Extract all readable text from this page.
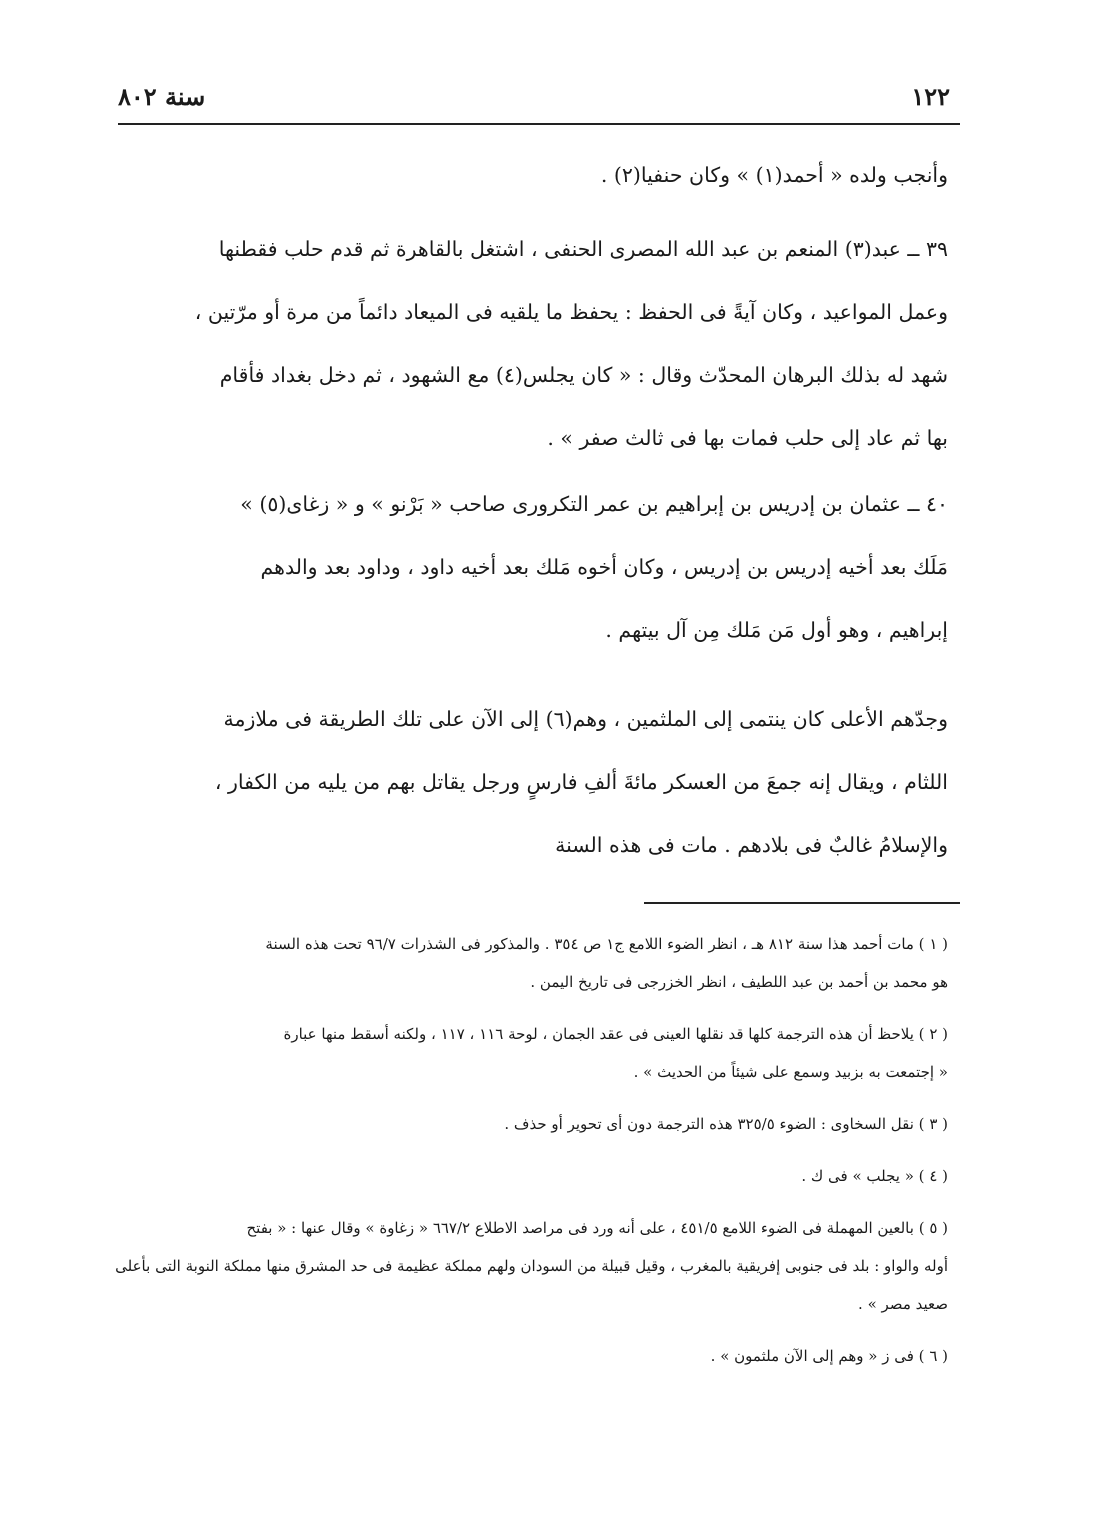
١٢٢
سنة ٨٠٢
وأنجب ولده « أحمد(١) » وكان حنفيا(٢) .
٣٩ ــ عبد(٣) المنعم بن عبد الله المصرى الحنفى ، اشتغل بالقاهرة ثم قدم حلب فقطنها
وعمل المواعيد ، وكان آيةً فى الحفظ : يحفظ ما يلقيه فى الميعاد دائماً من مرة أو مرّتين ،
شهد له بذلك البرهان المحدّث وقال : « كان يجلس(٤) مع الشهود ، ثم دخل بغداد فأقام
بها ثم عاد إلى حلب فمات بها فى ثالث صفر » .
٤٠ ــ عثمان بن إدريس بن إبراهيم بن عمر التكرورى صاحب « بَرْنو » و « زغاى(٥) »
مَلَك بعد أخيه إدريس بن إدريس ، وكان أخوه مَلك بعد أخيه داود ، وداود بعد والدهم
إبراهيم ، وهو أول مَن مَلك مِن آل بيتهم .
وجدّهم الأعلى كان ينتمى إلى الملثمين ، وهم(٦) إلى الآن على تلك الطريقة فى ملازمة
اللثام ، ويقال إنه جمعَ من العسكر مائةَ ألفِ فارسٍ ورجل يقاتل بهم من يليه من الكفار ،
والإسلامُ غالبٌ فى بلادهم . مات فى هذه السنة
( ١ ) مات أحمد هذا سنة ٨١٢ هـ ، انظر الضوء اللامع ج١ ص ٣٥٤ . والمذكور فى الشذرات ٩٦/٧ تحت هذه السنة
هو محمد بن أحمد بن عبد اللطيف ، انظر الخزرجى فى تاريخ اليمن .
( ٢ ) يلاحظ أن هذه الترجمة كلها قد نقلها العينى فى عقد الجمان ، لوحة ١١٦ ، ١١٧ ، ولكنه أسقط منها عبارة
« إجتمعت به بزبيد وسمع على شيئاً من الحديث » .
( ٣ ) نقل السخاوى : الضوء ٣٢٥/٥ هذه الترجمة دون أى تحوير أو حذف .
( ٤ ) « يجلب » فى ك .
( ٥ ) بالعين المهملة فى الضوء اللامع ٤٥١/٥ ، على أنه ورد فى مراصد الاطلاع ٦٦٧/٢ « زغاوة » وقال عنها : « بفتح
أوله والواو : بلد فى جنوبى إفريقية بالمغرب ، وقيل قبيلة من السودان ولهم مملكة عظيمة فى حد المشرق منها مملكة النوبة التى بأعلى
صعيد مصر » .
( ٦ ) فى ز « وهم إلى الآن ملثمون » .
